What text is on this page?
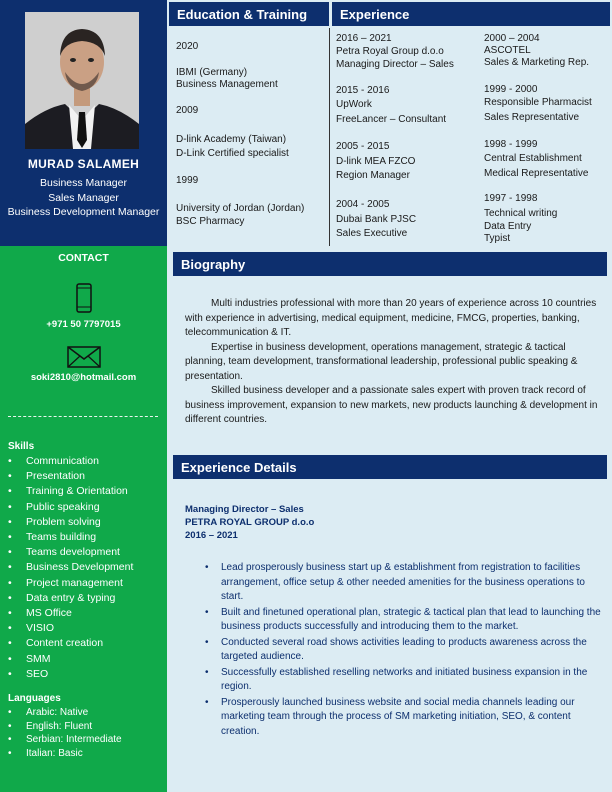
MURAD SALAMEH
Business Manager
Sales Manager
Business Development Manager
CONTACT
+971 50 7797015
soki2810@hotmail.com
Skills
• Communication
• Presentation
• Training & Orientation
• Public speaking
• Problem solving
• Teams building
• Teams development
• Business Development
• Project management
• Data entry & typing
• MS Office
• VISIO
• Content creation
• SMM
• SEO
Languages
• Arabic: Native
• English: Fluent
• Serbian: Intermediate
• Italian: Basic
Education & Training	Experience
2020
IBMI (Germany)
Business Management
2009
D-link Academy (Taiwan)
D-Link Certified specialist
1999
University of Jordan (Jordan)
BSC Pharmacy
2016 – 2021
Petra Royal Group d.o.o
Managing Director – Sales
2015 - 2016
UpWork
FreeLancer – Consultant
2005 - 2015
D-link MEA FZCO
Region Manager
2004 - 2005
Dubai Bank PJSC
Sales Executive
2000 – 2004
ASCOTEL
Sales & Marketing Rep.
1999 - 2000
Responsible Pharmacist
Sales Representative
1998 - 1999
Central Establishment
Medical Representative
1997 - 1998
Technical writing
Data Entry
Typist
Biography

Multi industries professional with more than 20 years of experience across 10 countries with experience in advertising, medical equipment, medicine, FMCG, properties, banking, telecommunication & IT.

Expertise in business development, operations management, strategic & tactical planning, team development, transformational leadership, professional public speaking & presentation.

Skilled business developer and a passionate sales expert with proven track record of business improvement, expansion to new markets, new products launching & development in different countries.

Experience Details
Managing Director – Sales
PETRA ROYAL GROUP d.o.o
2016 – 2021
• Lead prosperously business start up & establishment from registration to facilities arrangement, office setup & other needed amenities for the business operations to start.
• Built and finetuned operational plan, strategic & tactical plan that lead to launching the business products successfully and introducing them to the market.
• Conducted several road shows activities leading to products awareness across the targeted audience.
• Successfully established reselling networks and initiated business expansion in the region.
• Prosperously launched business website and social media channels leading our marketing team through the process of SM marketing initiation, SEO, & content creation.
